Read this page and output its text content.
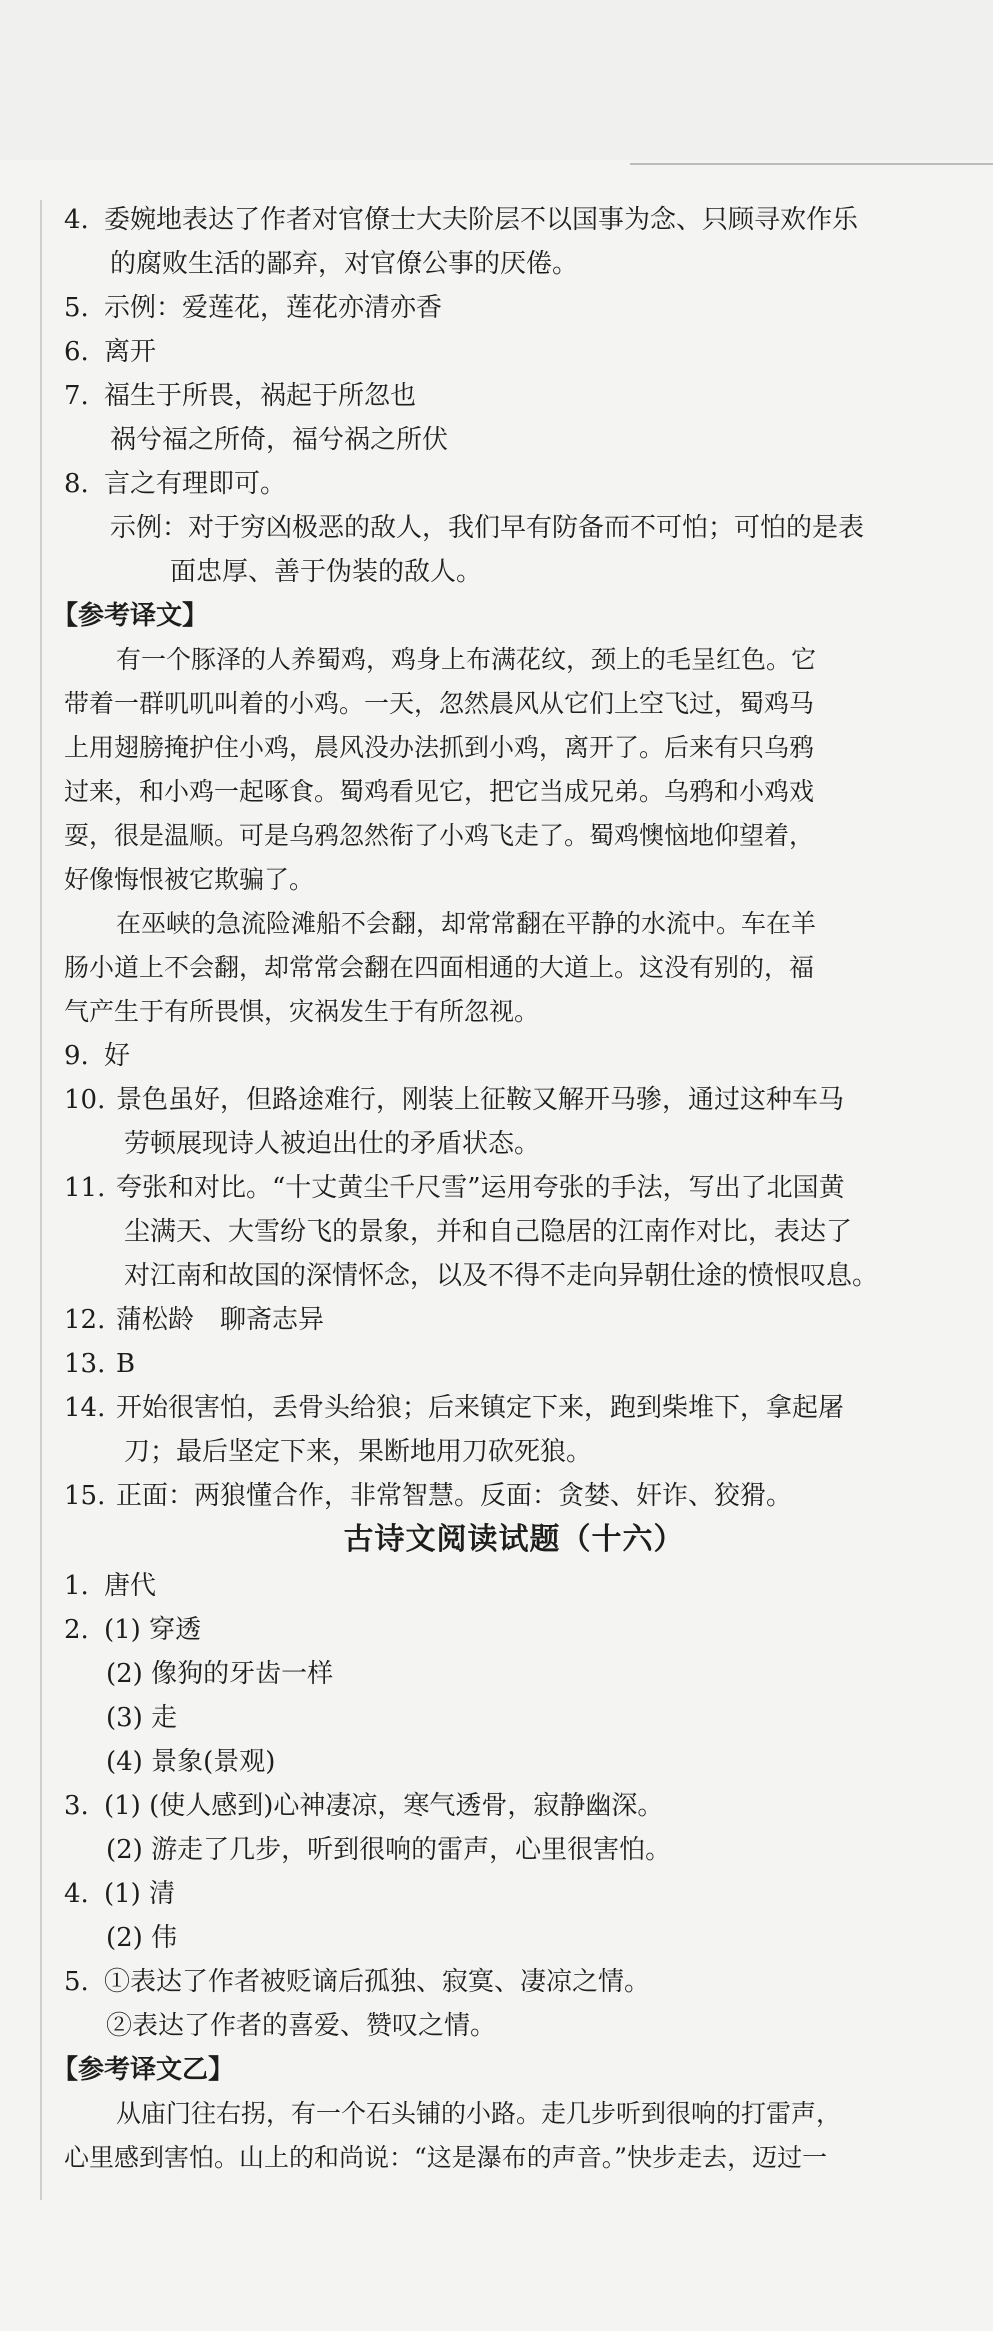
4. 委婉地表达了作者对官僚士大夫阶层不以国事为念、只顾寻欢作乐
的腐败生活的鄙弃，对官僚公事的厌倦。
5. 示例：爱莲花，莲花亦清亦香
6. 离开
7. 福生于所畏，祸起于所忽也
祸兮福之所倚，福兮祸之所伏
8. 言之有理即可。
示例：对于穷凶极恶的敌人，我们早有防备而不可怕；可怕的是表
面忠厚、善于伪装的敌人。
【参考译文】
有一个豚泽的人养蜀鸡，鸡身上布满花纹，颈上的毛呈红色。它
带着一群叽叽叫着的小鸡。一天，忽然晨风从它们上空飞过，蜀鸡马
上用翅膀掩护住小鸡，晨风没办法抓到小鸡，离开了。后来有只乌鸦
过来，和小鸡一起啄食。蜀鸡看见它，把它当成兄弟。乌鸦和小鸡戏
耍，很是温顺。可是乌鸦忽然衔了小鸡飞走了。蜀鸡懊恼地仰望着，
好像悔恨被它欺骗了。
在巫峡的急流险滩船不会翻，却常常翻在平静的水流中。车在羊
肠小道上不会翻，却常常会翻在四面相通的大道上。这没有别的，福
气产生于有所畏惧，灾祸发生于有所忽视。
9. 好
10. 景色虽好，但路途难行，刚装上征鞍又解开马骖，通过这种车马
劳顿展现诗人被迫出仕的矛盾状态。
11. 夸张和对比。“十丈黄尘千尺雪”运用夸张的手法，写出了北国黄
尘满天、大雪纷飞的景象，并和自己隐居的江南作对比，表达了
对江南和故国的深情怀念，以及不得不走向异朝仕途的愤恨叹息。
12. 蒲松龄　聊斋志异
13. B
14. 开始很害怕，丢骨头给狼；后来镇定下来，跑到柴堆下，拿起屠
刀；最后坚定下来，果断地用刀砍死狼。
15. 正面：两狼懂合作，非常智慧。反面：贪婪、奸诈、狡猾。
古诗文阅读试题（十六）
1. 唐代
2. (1) 穿透
(2) 像狗的牙齿一样
(3) 走
(4) 景象(景观)
3. (1) (使人感到)心神凄凉，寒气透骨，寂静幽深。
(2) 游走了几步，听到很响的雷声，心里很害怕。
4. (1) 清
(2) 伟
5. ①表达了作者被贬谪后孤独、寂寞、凄凉之情。
②表达了作者的喜爱、赞叹之情。
【参考译文乙】
从庙门往右拐，有一个石头铺的小路。走几步听到很响的打雷声，
心里感到害怕。山上的和尚说：“这是瀑布的声音。”快步走去，迈过一
